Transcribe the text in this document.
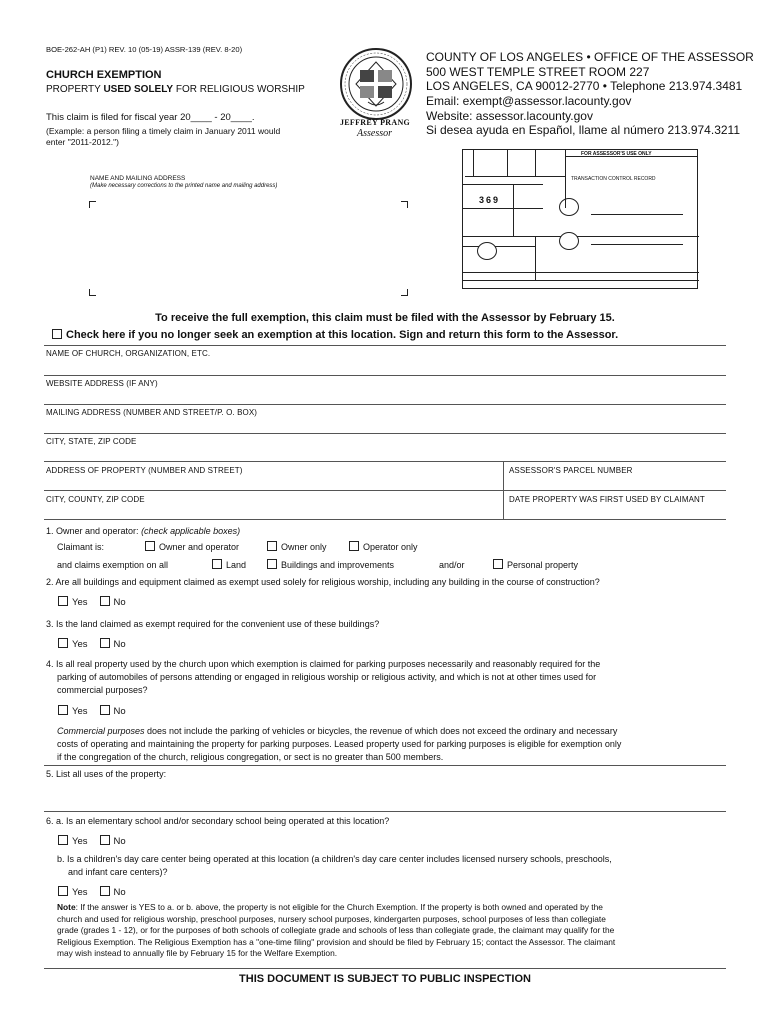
BOE-262-AH (P1) REV. 10 (05-19) ASSR-139 (REV. 8-20)
CHURCH EXEMPTION
PROPERTY USED SOLELY FOR RELIGIOUS WORSHIP
This claim is filed for fiscal year 20____ - 20____.
(Example: a person filing a timely claim in January 2011 would
enter "2011-2012.")
JEFFREY PRANG
Assessor
COUNTY OF LOS ANGELES • OFFICE OF THE ASSESSOR
500 WEST TEMPLE STREET ROOM 227
LOS ANGELES, CA 90012-2770 • Telephone 213.974.3481
Email: exempt@assessor.lacounty.gov
Website: assessor.lacounty.gov
Si desea ayuda en Español, llame al número 213.974.3211
NAME AND MAILING ADDRESS
(Make necessary corrections to the printed name and mailing address)
FOR ASSESSOR'S USE ONLY
TRANSACTION CONTROL RECORD
369
To receive the full exemption, this claim must be filed with the Assessor by February 15.
Check here if you no longer seek an exemption at this location. Sign and return this form to the Assessor.
NAME OF CHURCH, ORGANIZATION, ETC.
WEBSITE ADDRESS (IF ANY)
MAILING ADDRESS (NUMBER AND STREET/P. O. BOX)
CITY, STATE, ZIP CODE
ADDRESS OF PROPERTY (NUMBER AND STREET)	ASSESSOR'S PARCEL NUMBER
CITY, COUNTY, ZIP CODE	DATE PROPERTY WAS FIRST USED BY CLAIMANT
1. Owner and operator: (check applicable boxes)
Claimant is:	Owner and operator	Owner only	Operator only
and claims exemption on all	Land	Buildings and improvements	and/or	Personal property
2. Are all buildings and equipment claimed as exempt used solely for religious worship, including any building in the course of construction?
Yes	No
3. Is the land claimed as exempt required for the convenient use of these buildings?
Yes	No
4. Is all real property used by the church upon which exemption is claimed for parking purposes necessarily and reasonably required for the
parking of automobiles of persons attending or engaged in religious worship or religious activity, and which is not at other times used for
commercial purposes?
Yes	No
Commercial purposes does not include the parking of vehicles or bicycles, the revenue of which does not exceed the ordinary and necessary
costs of operating and maintaining the property for parking purposes. Leased property used for parking purposes is eligible for exemption only
if the congregation of the church, religious congregation, or sect is no greater than 500 members.
5. List all uses of the property:
6. a. Is an elementary school and/or secondary school being operated at this location?
Yes	No
b. Is a children's day care center being operated at this location (a children's day care center includes licensed nursery schools, preschools,
and infant care centers)?
Yes	No
Note: If the answer is YES to a. or b. above, the property is not eligible for the Church Exemption. If the property is both owned and operated by the
church and used for religious worship, preschool purposes, nursery school purposes, kindergarten purposes, school purposes of less than collegiate
grade (grades 1 - 12), or for the purposes of both schools of collegiate grade and schools of less than collegiate grade, the claimant may qualify for the
Religious Exemption. The Religious Exemption has a "one-time filing" provision and should be filed by February 15; contact the Assessor. The claimant
may wish instead to annually file by February 15 for the Welfare Exemption.
THIS DOCUMENT IS SUBJECT TO PUBLIC INSPECTION
